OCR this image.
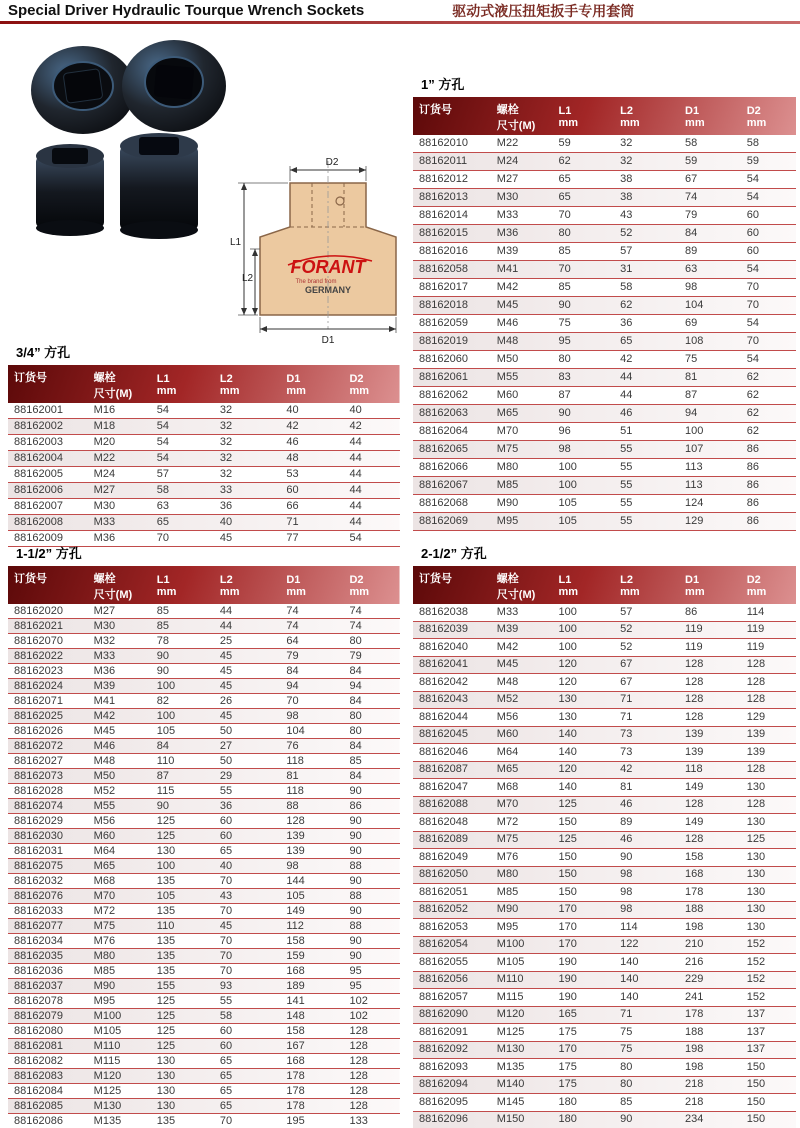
Special Driver Hydraulic Tourque Wrench Sockets	驱动式液压扭矩扳手专用套筒
FORANT
The brand from
GERMANY
D2
D1
L1
L2
1” 方孔
订货号	螺栓	L1	L2	D1	D2
	尺寸(M)	mm	mm	mm	mm
88162010	M22	59	32	58	58
88162011	M24	62	32	59	59
88162012	M27	65	38	67	54
88162013	M30	65	38	74	54
88162014	M33	70	43	79	60
88162015	M36	80	52	84	60
88162016	M39	85	57	89	60
88162058	M41	70	31	63	54
88162017	M42	85	58	98	70
88162018	M45	90	62	104	70
88162059	M46	75	36	69	54
88162019	M48	95	65	108	70
88162060	M50	80	42	75	54
88162061	M55	83	44	81	62
88162062	M60	87	44	87	62
88162063	M65	90	46	94	62
88162064	M70	96	51	100	62
88162065	M75	98	55	107	86
88162066	M80	100	55	113	86
88162067	M85	100	55	113	86
88162068	M90	105	55	124	86
88162069	M95	105	55	129	86
3/4” 方孔
订货号	螺栓	L1	L2	D1	D2
	尺寸(M)	mm	mm	mm	mm
88162001	M16	54	32	40	40
88162002	M18	54	32	42	42
88162003	M20	54	32	46	44
88162004	M22	54	32	48	44
88162005	M24	57	32	53	44
88162006	M27	58	33	60	44
88162007	M30	63	36	66	44
88162008	M33	65	40	71	44
88162009	M36	70	45	77	54
1-1/2” 方孔
订货号	螺栓	L1	L2	D1	D2
	尺寸(M)	mm	mm	mm	mm
88162020	M27	85	44	74	74
88162021	M30	85	44	74	74
88162070	M32	78	25	64	80
88162022	M33	90	45	79	79
88162023	M36	90	45	84	84
88162024	M39	100	45	94	94
88162071	M41	82	26	70	84
88162025	M42	100	45	98	80
88162026	M45	105	50	104	80
88162072	M46	84	27	76	84
88162027	M48	110	50	118	85
88162073	M50	87	29	81	84
88162028	M52	115	55	118	90
88162074	M55	90	36	88	86
88162029	M56	125	60	128	90
88162030	M60	125	60	139	90
88162031	M64	130	65	139	90
88162075	M65	100	40	98	88
88162032	M68	135	70	144	90
88162076	M70	105	43	105	88
88162033	M72	135	70	149	90
88162077	M75	110	45	112	88
88162034	M76	135	70	158	90
88162035	M80	135	70	159	90
88162036	M85	135	70	168	95
88162037	M90	155	93	189	95
88162078	M95	125	55	141	102
88162079	M100	125	58	148	102
88162080	M105	125	60	158	128
88162081	M110	125	60	167	128
88162082	M115	130	65	168	128
88162083	M120	130	65	178	128
88162084	M125	130	65	178	128
88162085	M130	130	65	178	128
88162086	M135	135	70	195	133
2-1/2” 方孔
订货号	螺栓	L1	L2	D1	D2
	尺寸(M)	mm	mm	mm	mm
88162038	M33	100	57	86	114
88162039	M39	100	52	119	119
88162040	M42	100	52	119	119
88162041	M45	120	67	128	128
88162042	M48	120	67	128	128
88162043	M52	130	71	128	128
88162044	M56	130	71	128	129
88162045	M60	140	73	139	139
88162046	M64	140	73	139	139
88162087	M65	120	42	118	128
88162047	M68	140	81	149	130
88162088	M70	125	46	128	128
88162048	M72	150	89	149	130
88162089	M75	125	46	128	125
88162049	M76	150	90	158	130
88162050	M80	150	98	168	130
88162051	M85	150	98	178	130
88162052	M90	170	98	188	130
88162053	M95	170	114	198	130
88162054	M100	170	122	210	152
88162055	M105	190	140	216	152
88162056	M110	190	140	229	152
88162057	M115	190	140	241	152
88162090	M120	165	71	178	137
88162091	M125	175	75	188	137
88162092	M130	170	75	198	137
88162093	M135	175	80	198	150
88162094	M140	175	80	218	150
88162095	M145	180	85	218	150
88162096	M150	180	90	234	150
